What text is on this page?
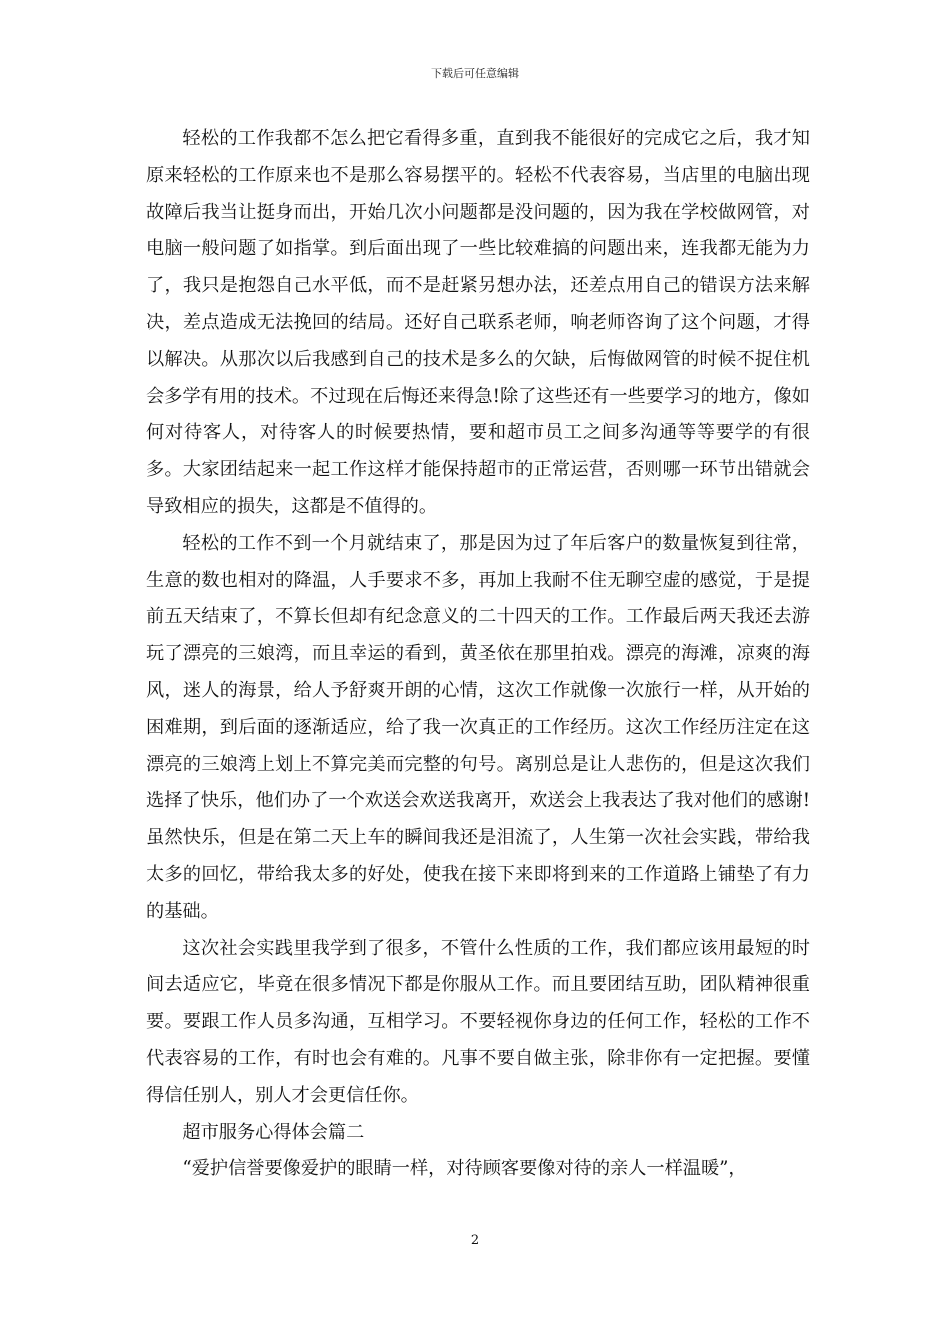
下载后可任意编辑

轻松的工作我都不怎么把它看得多重，直到我不能很好的完成它之后，我才知原来轻松的工作原来也不是那么容易摆平的。轻松不代表容易，当店里的电脑出现故障后我当让挺身而出，开始几次小问题都是没问题的，因为我在学校做网管，对电脑一般问题了如指掌。到后面出现了一些比较难搞的问题出来，连我都无能为力了，我只是抱怨自己水平低，而不是赶紧另想办法，还差点用自己的错误方法来解决，差点造成无法挽回的结局。还好自己联系老师，响老师咨询了这个问题，才得以解决。从那次以后我感到自己的技术是多么的欠缺，后悔做网管的时候不捉住机会多学有用的技术。不过现在后悔还来得急!除了这些还有一些要学习的地方，像如何对待客人，对待客人的时候要热情，要和超市员工之间多沟通等等要学的有很多。大家团结起来一起工作这样才能保持超市的正常运营，否则哪一环节出错就会导致相应的损失，这都是不值得的。

轻松的工作不到一个月就结束了，那是因为过了年后客户的数量恢复到往常，生意的数也相对的降温，人手要求不多，再加上我耐不住无聊空虚的感觉，于是提前五天结束了，不算长但却有纪念意义的二十四天的工作。工作最后两天我还去游玩了漂亮的三娘湾，而且幸运的看到，黄圣依在那里拍戏。漂亮的海滩，凉爽的海风，迷人的海景，给人予舒爽开朗的心情，这次工作就像一次旅行一样，从开始的困难期，到后面的逐渐适应，给了我一次真正的工作经历。这次工作经历注定在这漂亮的三娘湾上划上不算完美而完整的句号。离别总是让人悲伤的，但是这次我们选择了快乐，他们办了一个欢送会欢送我离开，欢送会上我表达了我对他们的感谢!虽然快乐，但是在第二天上车的瞬间我还是泪流了，人生第一次社会实践，带给我太多的回忆，带给我太多的好处，使我在接下来即将到来的工作道路上铺垫了有力的基础。

这次社会实践里我学到了很多，不管什么性质的工作，我们都应该用最短的时间去适应它，毕竟在很多情况下都是你服从工作。而且要团结互助，团队精神很重要。要跟工作人员多沟通，互相学习。不要轻视你身边的任何工作，轻松的工作不代表容易的工作，有时也会有难的。凡事不要自做主张，除非你有一定把握。要懂得信任别人，别人才会更信任你。

超市服务心得体会篇二

“爱护信誉要像爱护的眼睛一样，对待顾客要像对待的亲人一样温暖”，

2
